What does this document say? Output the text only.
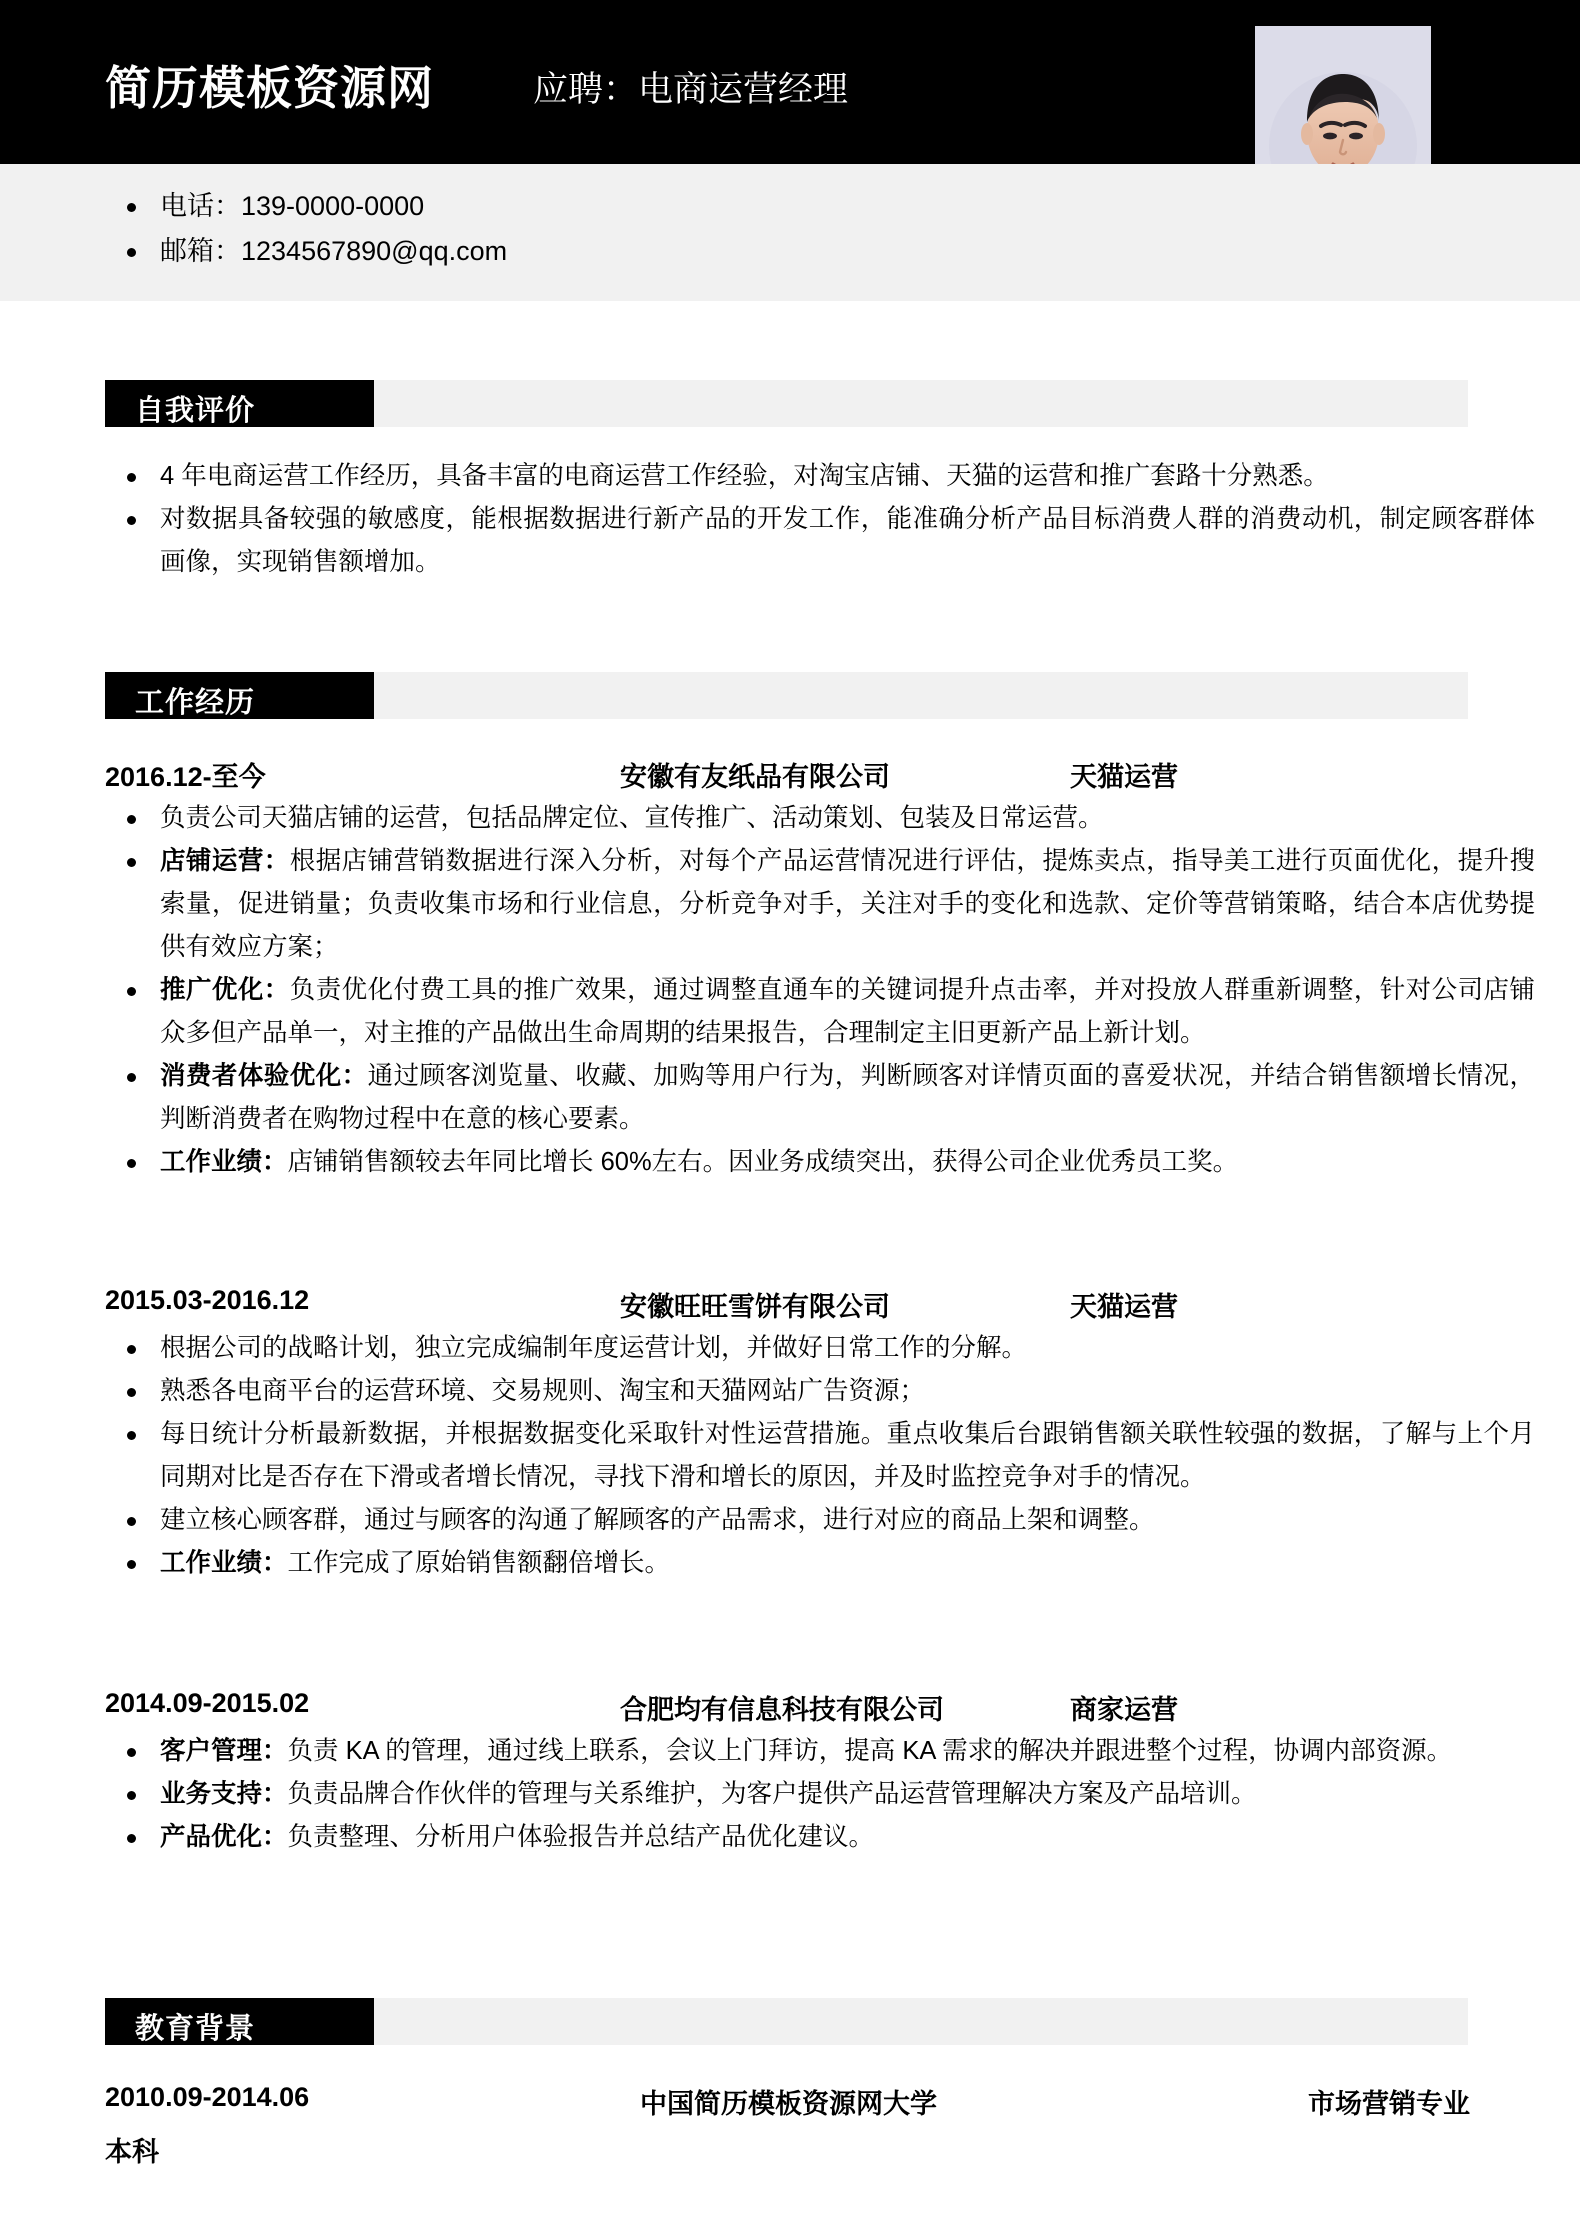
简历模板资源网	应聘：电商运营经理
电话：139-0000-0000
邮箱：1234567890@qq.com
自我评价
4 年电商运营工作经历，具备丰富的电商运营工作经验，对淘宝店铺、天猫的运营和推广套路十分熟悉。
对数据具备较强的敏感度，能根据数据进行新产品的开发工作，能准确分析产品目标消费人群的消费动机，制定顾客群体画像，实现销售额增加。
工作经历
2016.12-至今	安徽有友纸品有限公司	天猫运营
负责公司天猫店铺的运营，包括品牌定位、宣传推广、活动策划、包装及日常运营。
店铺运营：根据店铺营销数据进行深入分析，对每个产品运营情况进行评估，提炼卖点，指导美工进行页面优化，提升搜索量，促进销量；负责收集市场和行业信息，分析竞争对手，关注对手的变化和选款、定价等营销策略，结合本店优势提供有效应方案；
推广优化：负责优化付费工具的推广效果，通过调整直通车的关键词提升点击率，并对投放人群重新调整，针对公司店铺众多但产品单一，对主推的产品做出生命周期的结果报告，合理制定主旧更新产品上新计划。
消费者体验优化：通过顾客浏览量、收藏、加购等用户行为，判断顾客对详情页面的喜爱状况，并结合销售额增长情况，判断消费者在购物过程中在意的核心要素。
工作业绩：店铺销售额较去年同比增长 60%左右。因业务成绩突出，获得公司企业优秀员工奖。
2015.03-2016.12	安徽旺旺雪饼有限公司	天猫运营
根据公司的战略计划，独立完成编制年度运营计划，并做好日常工作的分解。
熟悉各电商平台的运营环境、交易规则、淘宝和天猫网站广告资源；
每日统计分析最新数据，并根据数据变化采取针对性运营措施。重点收集后台跟销售额关联性较强的数据，了解与上个月同期对比是否存在下滑或者增长情况，寻找下滑和增长的原因，并及时监控竞争对手的情况。
建立核心顾客群，通过与顾客的沟通了解顾客的产品需求，进行对应的商品上架和调整。
工作业绩：工作完成了原始销售额翻倍增长。
2014.09-2015.02	合肥均有信息科技有限公司	商家运营
客户管理：负责 KA 的管理，通过线上联系，会议上门拜访，提高 KA 需求的解决并跟进整个过程，协调内部资源。
业务支持：负责品牌合作伙伴的管理与关系维护，为客户提供产品运营管理解决方案及产品培训。
产品优化：负责整理、分析用户体验报告并总结产品优化建议。
教育背景
2010.09-2014.06	中国简历模板资源网大学	市场营销专业
本科
